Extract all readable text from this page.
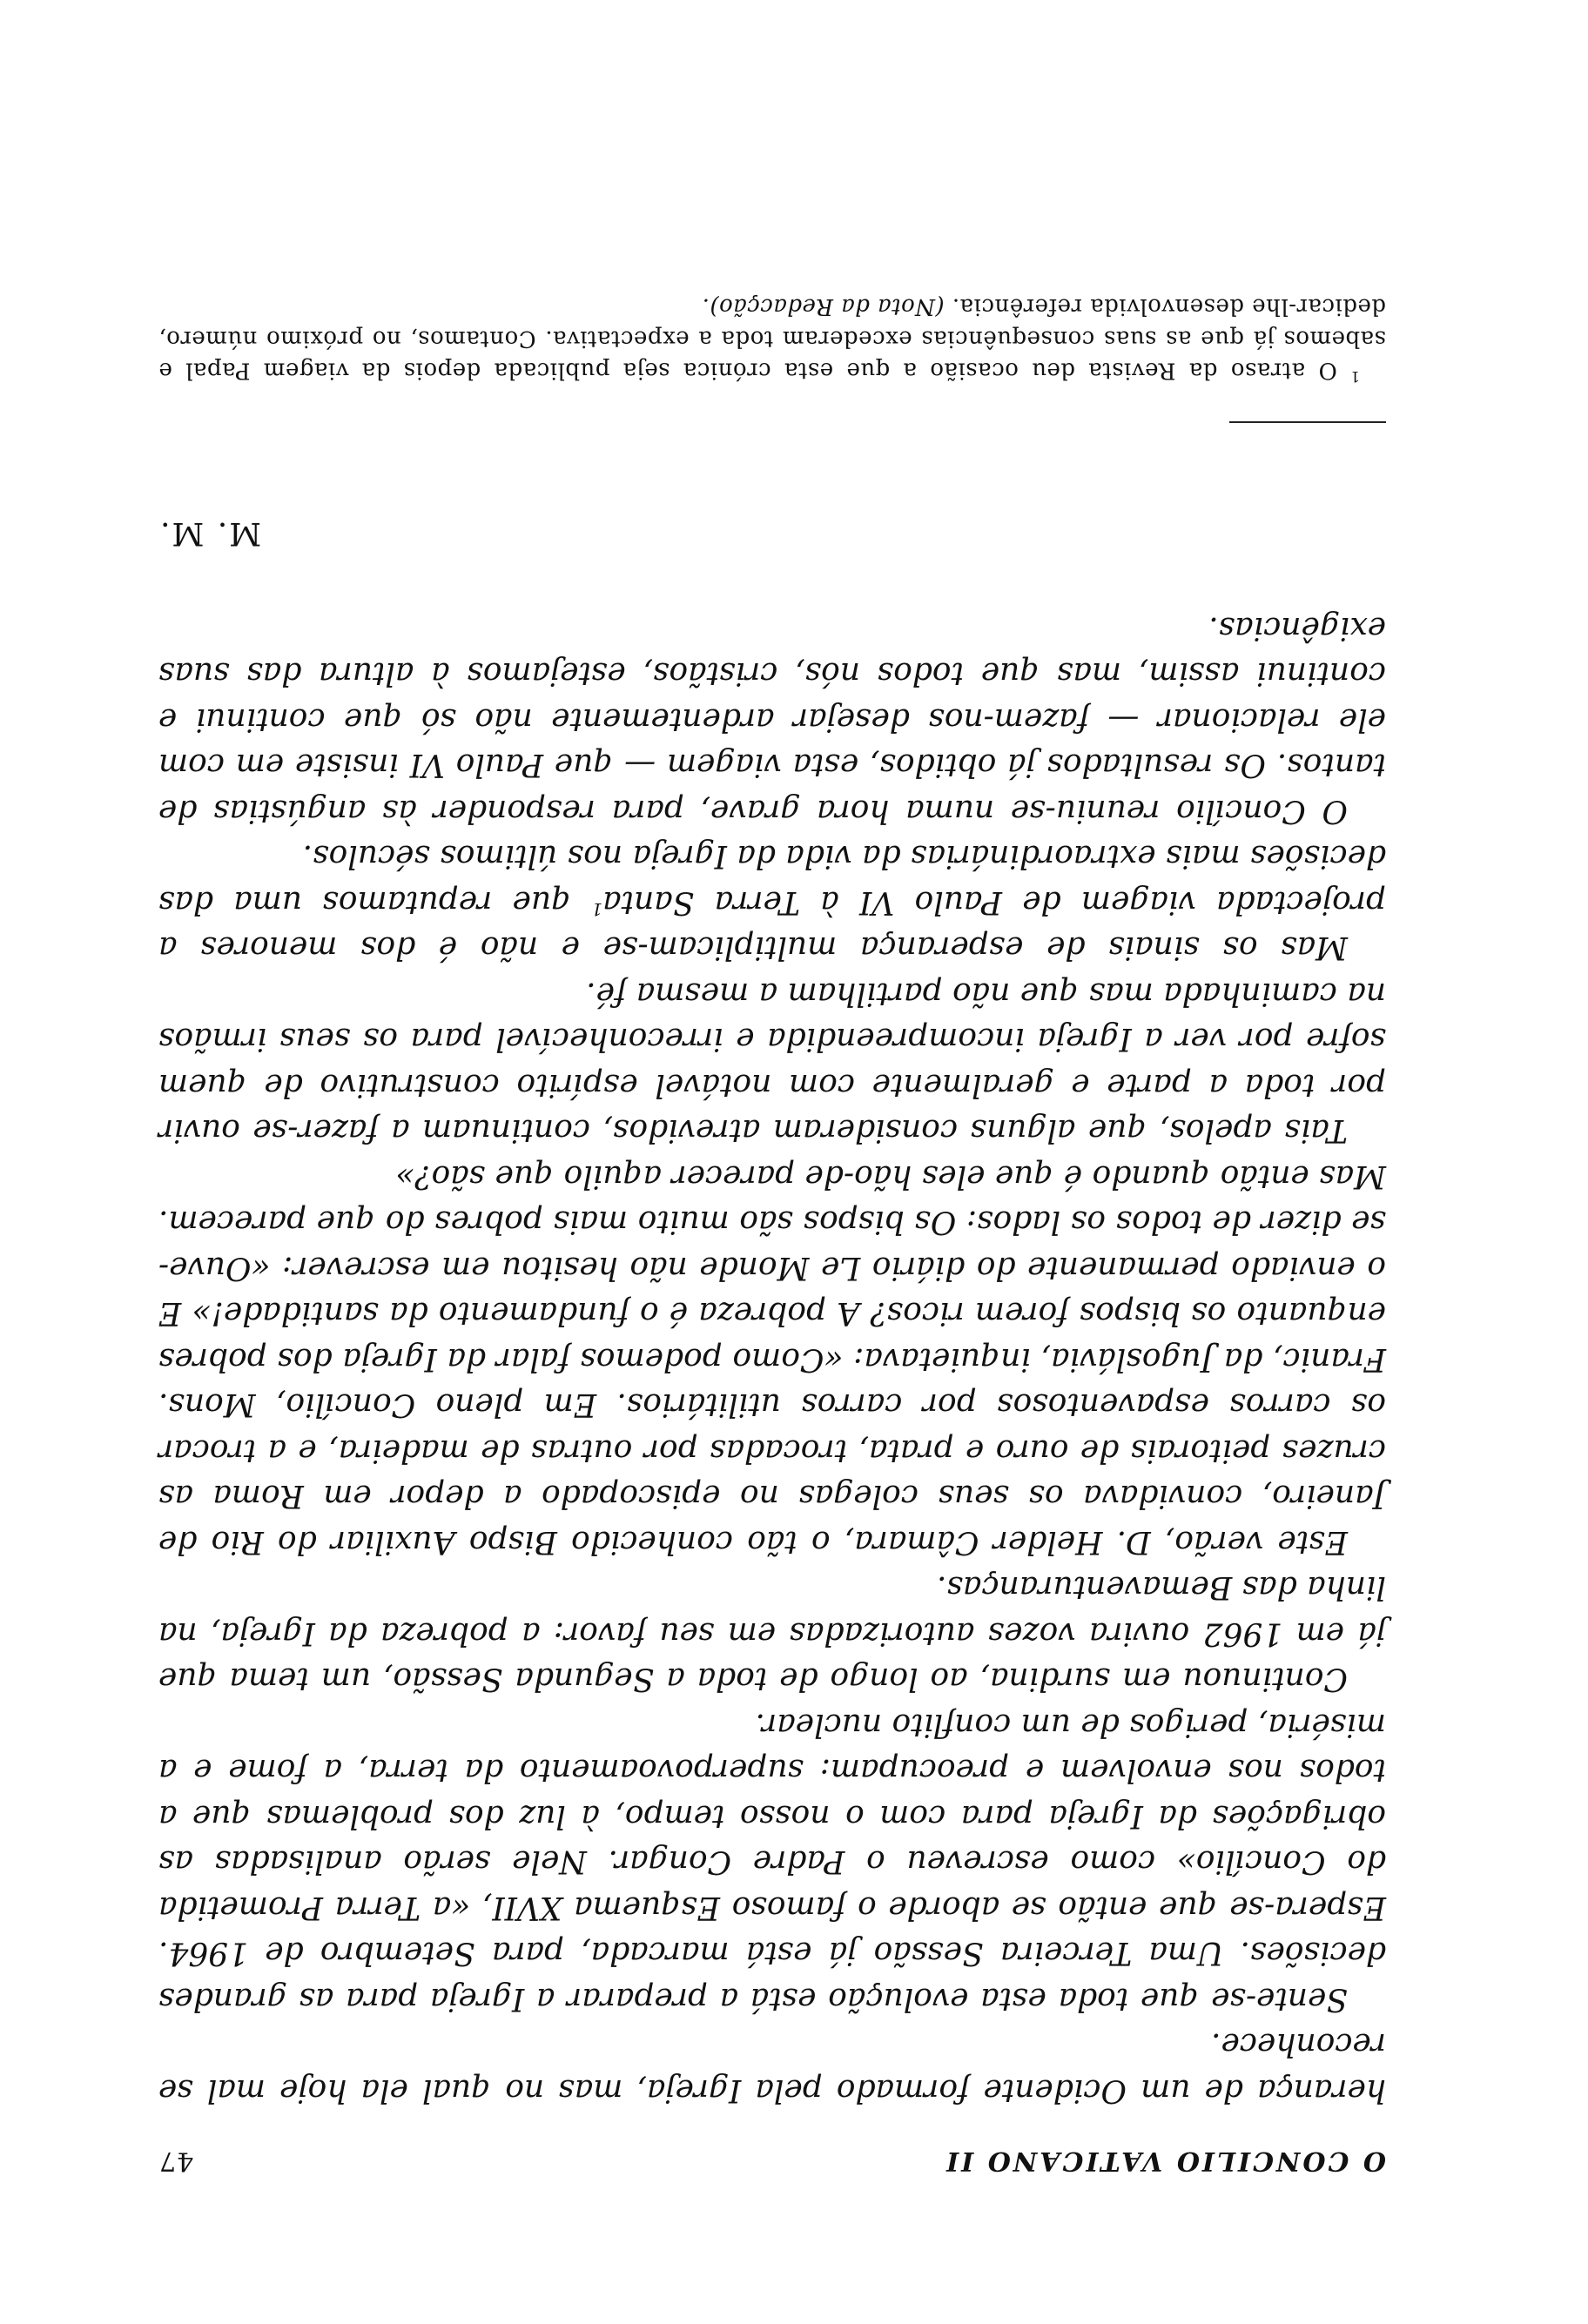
O CONCILIO VATICANO II
47

herança de um Ocidente formado pela Igreja, mas no qual ela hoje mal se reconhece.

Sente-se que toda esta evolução está a preparar a Igreja para as grandes decisões. Uma Terceira Sessão já está marcada, para Setembro de 1964. Espera-se que então se aborde o famoso Esquema XVII, «a Terra Prometida do Concílio» como escreveu o Padre Congar. Nele serão analisadas as obrigações da Igreja para com o nosso tempo, à luz dos problemas que a todos nos envolvem e preocupam: superpovoamento da terra, a fome e a miséria, perigos de um conflito nuclear.

Continuou em surdina, ao longo de toda a Segunda Sessão, um tema que já em 1962 ouvira vozes autorizadas em seu favor: a pobreza da Igreja, na linha das Bemaventuranças.

Este verão, D. Helder Câmara, o tão conhecido Bispo Auxiliar do Rio de Janeiro, convidava os seus colegas no episcopado a depor em Roma as cruzes peitorais de ouro e prata, trocadas por outras de madeira, e a trocar os carros espaventosos por carros utilitários. Em pleno Concílio, Mons. Franic, da Jugoslávia, inquietava: «Como podemos falar da Igreja dos pobres enquanto os bispos forem ricos? A pobreza é o fundamento da santidade!» E o enviado permanente do diário Le Monde não hesitou em escrever: «Ouve-se dizer de todos os lados: Os bispos são muito mais pobres do que parecem. Mas então quando é que eles hão-de parecer aquilo que são?»

Tais apelos, que alguns consideram atrevidos, continuam a fazer-se ouvir por toda a parte e geralmente com notável espírito construtivo de quem sofre por ver a Igreja incompreendida e irreconhecível para os seus irmãos na caminhada mas que não partilham a mesma fé.

Mas os sinais de esperança multiplicam-se e não é dos menores a projectada viagem de Paulo VI à Terra Santa$^1$ que reputamos uma das decisões mais extraordinárias da vida da Igreja nos últimos séculos.

O Concílio reuniu-se numa hora grave, para responder às angústias de tantos. Os resultados já obtidos, esta viagem — que Paulo VI insiste em com ele relacionar — fazem-nos desejar ardentemente não só que continui e continui assim, mas que todos nós, cristãos, estejamos à altura das suas exigências.

M. M.
$^1$ O atraso da Revista deu ocasião a que esta crónica seja publicada depois da viagem Papal e sabemos já que as suas consequências excederam toda a expectativa. Contamos, no próximo número, dedicar-lhe desenvolvida referência. (Nota da Redacção).
